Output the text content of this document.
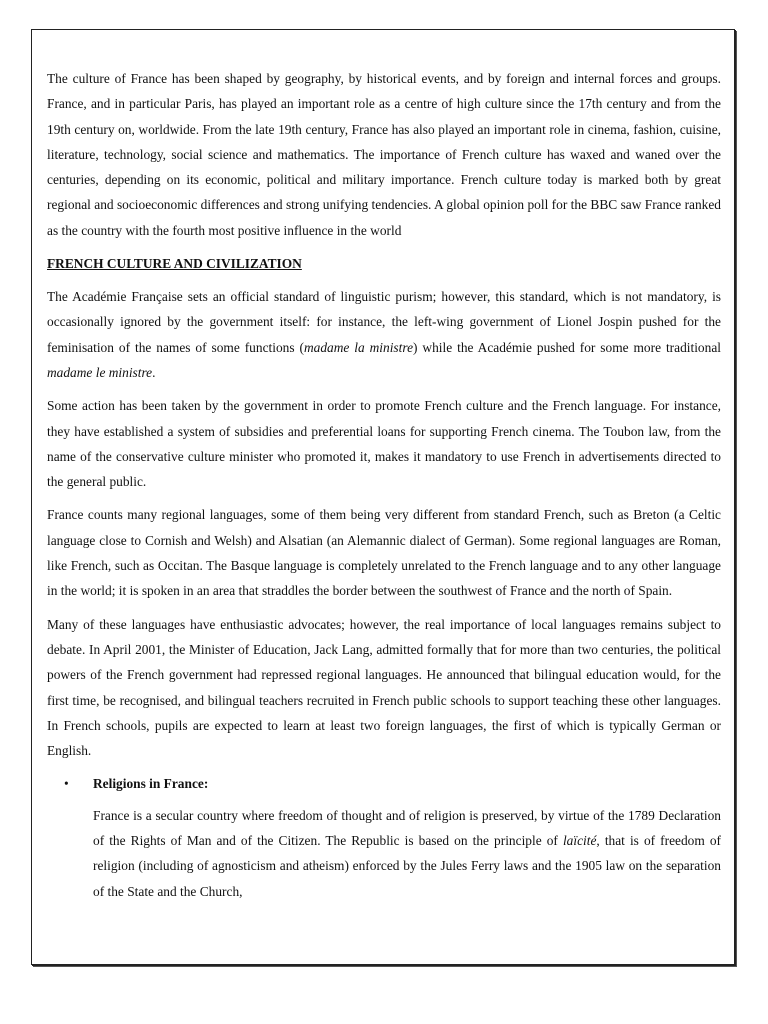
The culture of France has been shaped by geography, by historical events, and by foreign and internal forces and groups. France, and in particular Paris, has played an important role as a centre of high culture since the 17th century and from the 19th century on, worldwide. From the late 19th century, France has also played an important role in cinema, fashion, cuisine, literature, technology, social science and mathematics. The importance of French culture has waxed and waned over the centuries, depending on its economic, political and military importance. French culture today is marked both by great regional and socioeconomic differences and strong unifying tendencies. A global opinion poll for the BBC saw France ranked as the country with the fourth most positive influence in the world

FRENCH CULTURE AND CIVILIZATION

The Académie Française sets an official standard of linguistic purism; however, this standard, which is not mandatory, is occasionally ignored by the government itself: for instance, the left-wing government of Lionel Jospin pushed for the feminisation of the names of some functions (madame la ministre) while the Académie pushed for some more traditional madame le ministre.

Some action has been taken by the government in order to promote French culture and the French language. For instance, they have established a system of subsidies and preferential loans for supporting French cinema. The Toubon law, from the name of the conservative culture minister who promoted it, makes it mandatory to use French in advertisements directed to the general public.

France counts many regional languages, some of them being very different from standard French, such as Breton (a Celtic language close to Cornish and Welsh) and Alsatian (an Alemannic dialect of German). Some regional languages are Roman, like French, such as Occitan. The Basque language is completely unrelated to the French language and to any other language in the world; it is spoken in an area that straddles the border between the southwest of France and the north of Spain.

Many of these languages have enthusiastic advocates; however, the real importance of local languages remains subject to debate. In April 2001, the Minister of Education, Jack Lang, admitted formally that for more than two centuries, the political powers of the French government had repressed regional languages. He announced that bilingual education would, for the first time, be recognised, and bilingual teachers recruited in French public schools to support teaching these other languages. In French schools, pupils are expected to learn at least two foreign languages, the first of which is typically German or English.

• Religions in France:

France is a secular country where freedom of thought and of religion is preserved, by virtue of the 1789 Declaration of the Rights of Man and of the Citizen. The Republic is based on the principle of laïcité, that is of freedom of religion (including of agnosticism and atheism) enforced by the Jules Ferry laws and the 1905 law on the separation of the State and the Church,
